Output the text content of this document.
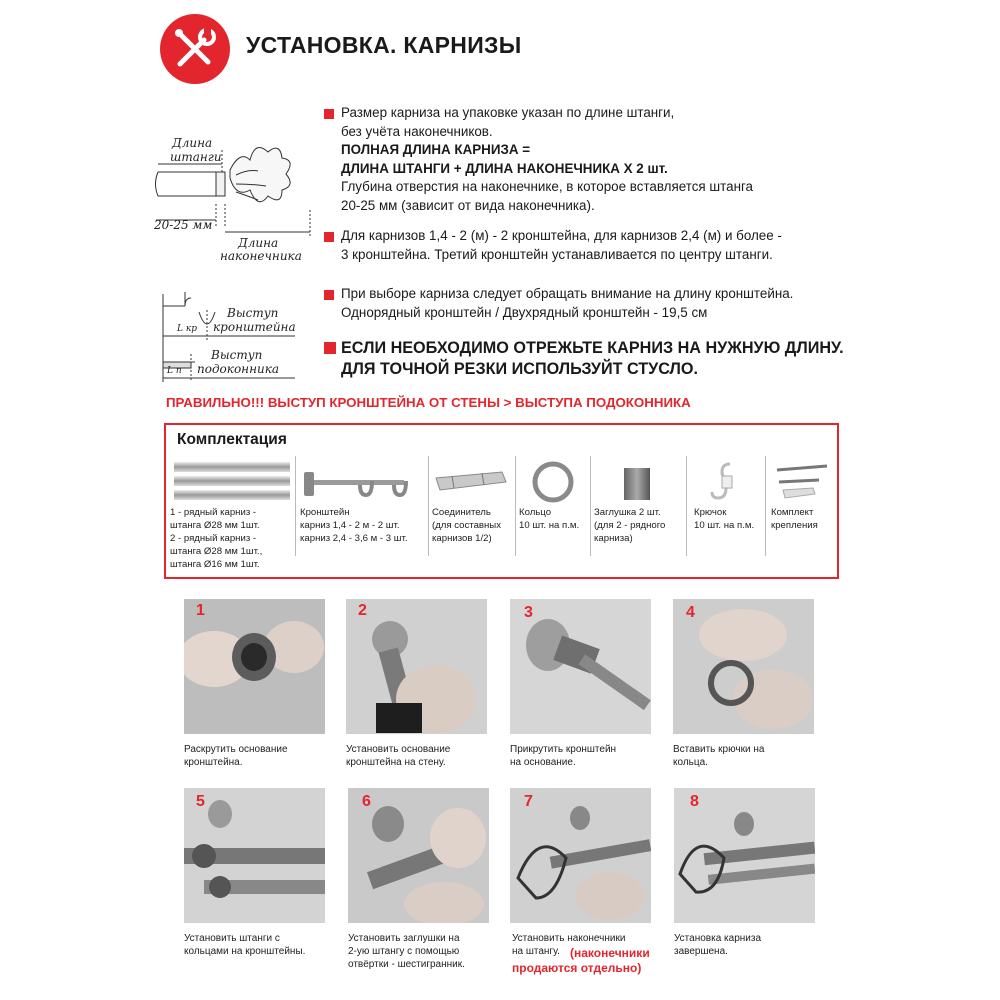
УСТАНОВКА. КАРНИЗЫ
Длина
штанги
20-25 мм
Длина
наконечника
Выступ
кронштейна
L кр
Выступ
подоконника
L п
Размер карниза на упаковке указан по длине штанги,
без учёта наконечников.
ПОЛНАЯ ДЛИНА КАРНИЗА =
ДЛИНА ШТАНГИ + ДЛИНА НАКОНЕЧНИКА Х 2 шт.
Глубина отверстия на наконечнике, в которое вставляется штанга
20-25 мм (зависит от вида наконечника).
Для карнизов 1,4 - 2 (м) - 2 кронштейна, для карнизов 2,4 (м) и более -
3 кронштейна. Третий кронштейн устанавливается по центру штанги.
При выборе карниза следует обращать внимание на длину кронштейна.
Однорядный кронштейн / Двухрядный кронштейн - 19,5 см
ЕСЛИ НЕОБХОДИМО ОТРЕЖЬТЕ КАРНИЗ НА НУЖНУЮ ДЛИНУ.
ДЛЯ ТОЧНОЙ РЕЗКИ ИСПОЛЬЗУЙТ СТУСЛО.
ПРАВИЛЬНО!!! ВЫСТУП КРОНШТЕЙНА ОТ СТЕНЫ > ВЫСТУПА ПОДОКОННИКА
Комплектация
1 - рядный карниз -
штанга Ø28 мм 1шт.
2 - рядный карниз -
штанга Ø28 мм 1шт.,
штанга Ø16 мм 1шт.
Кронштейн
карниз 1,4 - 2 м - 2 шт.
карниз 2,4 - 3,6 м - 3 шт.
Соединитель
(для составных
карнизов 1/2)
Кольцо
10 шт. на п.м.
Заглушка 2 шт.
(для 2 - рядного
карниза)
Крючок
10 шт. на п.м.
Комплект
крепления
1
Раскрутить основание
кронштейна.
2
Установить основание
кронштейна на стену.
3
Прикрутить кронштейн
на основание.
4
Вставить крючки на
кольца.
5
Установить штанги с
кольцами на кронштейны.
6
Установить заглушки на
2-ую штангу с помощью
отвёртки - шестигранник.
7
Установить наконечники
на штангу. (наконечники
продаются отдельно)
8
Установка карниза
завершена.
